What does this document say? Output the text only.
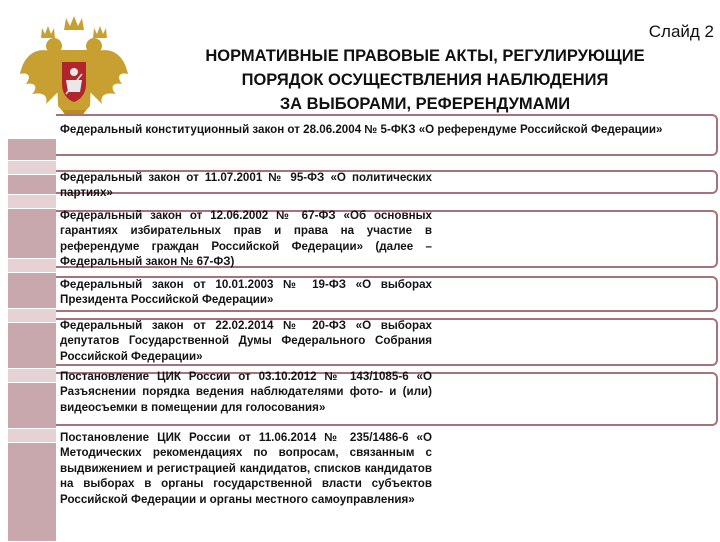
Слайд 2
НОРМАТИВНЫЕ ПРАВОВЫЕ АКТЫ, РЕГУЛИРУЮЩИЕ
ПОРЯДОК ОСУЩЕСТВЛЕНИЯ НАБЛЮДЕНИЯ
ЗА ВЫБОРАМИ, РЕФЕРЕНДУМАМИ
Федеральный конституционный закон от 28.06.2004 № 5-ФКЗ «О референдуме Российской Федерации»
Федеральный закон от 11.07.2001 № 95-ФЗ «О политических партиях»
Федеральный закон от 12.06.2002 № 67-ФЗ «Об основных гарантиях избирательных прав и права на участие в референдуме граждан Российской Федерации» (далее – Федеральный закон № 67-ФЗ)
Федеральный закон от 10.01.2003 № 19-ФЗ «О выборах Президента Российской Федерации»
Федеральный закон от 22.02.2014 № 20-ФЗ «О выборах депутатов Государственной Думы Федерального Собрания Российской Федерации»
Постановление ЦИК России от 03.10.2012 № 143/1085-6 «О Разъяснении порядка ведения наблюдателями фото- и (или) видеосъемки в помещении для голосования»
Постановление ЦИК России от 11.06.2014 № 235/1486-6 «О Методических рекомендациях по вопросам, связанным с выдвижением и регистрацией кандидатов, списков кандидатов на выборах в органы государственной власти субъектов Российской Федерации и органы местного самоуправления»
